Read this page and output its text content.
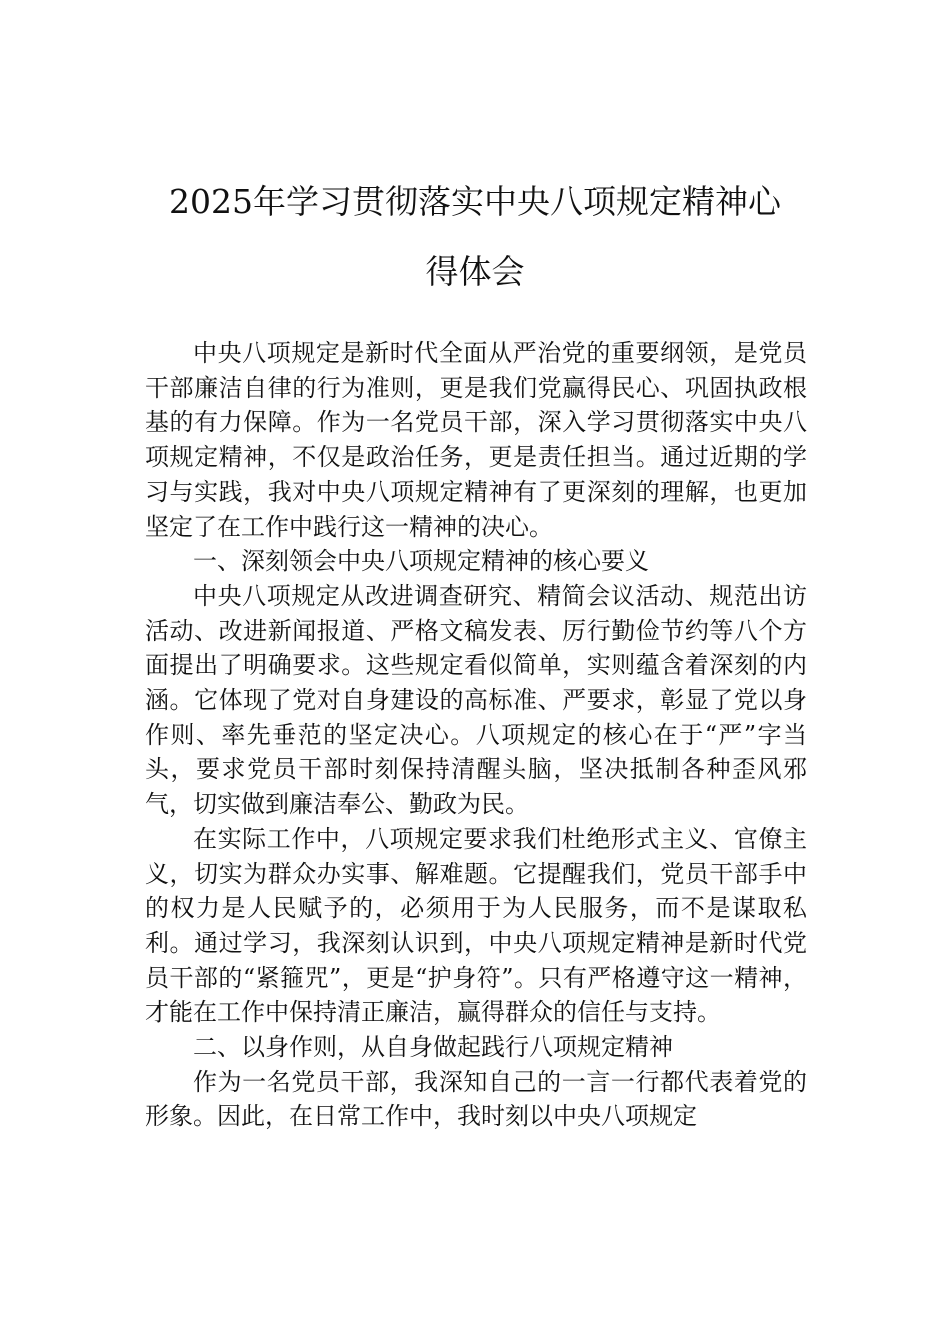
2025年学习贯彻落实中央八项规定精神心
得体会

中央八项规定是新时代全面从严治党的重要纲领，是党员干部廉洁自律的行为准则，更是我们党赢得民心、巩固执政根基的有力保障。作为一名党员干部，深入学习贯彻落实中央八项规定精神，不仅是政治任务，更是责任担当。通过近期的学习与实践，我对中央八项规定精神有了更深刻的理解，也更加坚定了在工作中践行这一精神的决心。

一、深刻领会中央八项规定精神的核心要义

中央八项规定从改进调查研究、精简会议活动、规范出访活动、改进新闻报道、严格文稿发表、厉行勤俭节约等八个方面提出了明确要求。这些规定看似简单，实则蕴含着深刻的内涵。它体现了党对自身建设的高标准、严要求，彰显了党以身作则、率先垂范的坚定决心。八项规定的核心在于“严”字当头，要求党员干部时刻保持清醒头脑，坚决抵制各种歪风邪气，切实做到廉洁奉公、勤政为民。

在实际工作中，八项规定要求我们杜绝形式主义、官僚主义，切实为群众办实事、解难题。它提醒我们，党员干部手中的权力是人民赋予的，必须用于为人民服务，而不是谋取私利。通过学习，我深刻认识到，中央八项规定精神是新时代党员干部的“紧箍咒”，更是“护身符”。只有严格遵守这一精神，才能在工作中保持清正廉洁，赢得群众的信任与支持。

二、以身作则，从自身做起践行八项规定精神

作为一名党员干部，我深知自己的一言一行都代表着党的形象。因此，在日常工作中，我时刻以中央八项规定
